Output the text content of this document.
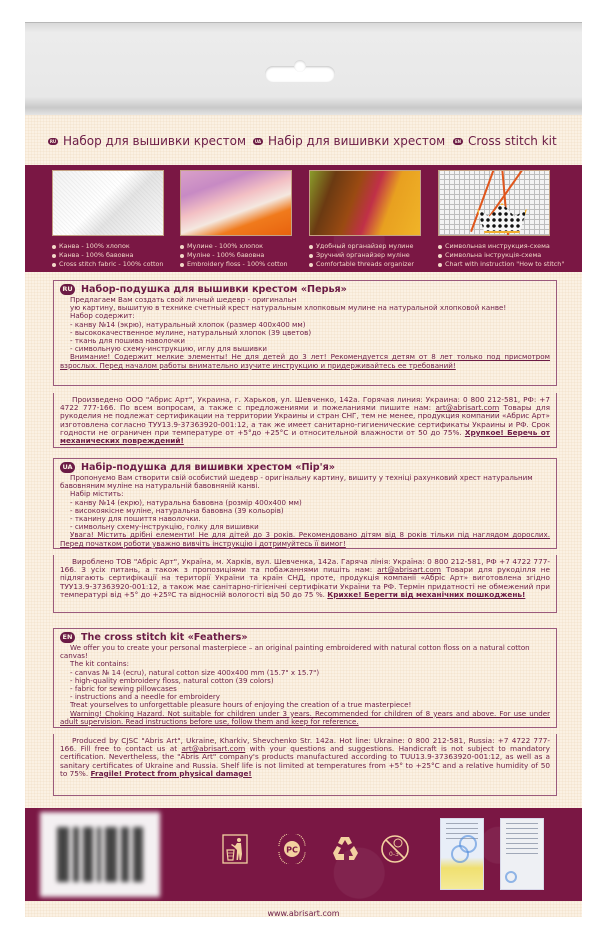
RU Набор для вышивки крестом	UA Набір для вишивки хрестом	EN Cross stitch kit
Канва - 100% хлопок
Канва - 100% бавовна
Cross stitch fabric - 100% cotton
Мулине - 100% хлопок
Муліне - 100% бавовна
Embroidery floss - 100% cotton
Удобный органайзер мулине
Зручний органайзер муліне
Comfortable threads organizer
Символьная инструкция-схема
Символьна інструкція-схема
Chart with instruction "How to stitch"
RU Набор-подушка для вышивки крестом «Перья»
Предлагаем Вам создать свой личный шедевр - оригинальн
ую картину, вышитую в технике счетный крест натуральным хлопковым мулине на натуральной хлопковой канве!
Набор содержит:
- канву №14 (экрю), натуральный хлопок (размер 400х400 мм)
- высококачественное мулине, натуральный хлопок (39 цветов)
- ткань для пошива наволочки
- символьную схему-инструкцию, иглу для вышивки
Внимание! Содержит мелкие элементы! Не для детей до 3 лет! Рекомендуется детям от 8 лет только под присмотром взрослых. Перед началом работы внимательно изучите инструкцию и придерживайтесь ее требований!

Произведено ООО "Абрис Арт", Украина, г. Харьков, ул. Шевченко, 142а. Горячая линия: Украина: 0 800 212-581, РФ: +7 4722 777-166. По всем вопросам, а также с предложениями и пожеланиями пишите нам: art@abrisart.com Товары для рукоделия не подлежат сертификации на территории Украины и стран СНГ, тем не менее, продукция компании «Абрис Арт» изготовлена согласно ТУУ13.9-37363920-001:12, а так же имеет санитарно-гигиенические сертификаты Украины и РФ. Срок годности не ограничен при температуре от +5°до +25°С и относительной влажности от 50 до 75%. Хрупкое! Беречь от механических повреждений!

UA Набір-подушка для вишивки хрестом «Пір'я»
Пропонуємо Вам створити свій особистий шедевр - оригінальну картину, вишиту у техніці рахунковий хрест натуральним бавовняним муліне на натуральній бавовняній канві.
Набір містить:
- канву №14 (екрю), натуральна бавовна (розмір 400х400 мм)
- високоякісне муліне, натуральна бавовна (39 кольорів)
- тканину для пошиття наволочки.
- символьну схему-інструкцію, голку для вишивки
Увага! Містить дрібні елементи! Не для дітей до 3 років. Рекомендовано дітям від 8 років тільки під наглядом дорослих. Перед початком роботи уважно вивчіть інструкцію і дотримуйтесь її вимог!

Вироблено ТОВ "Абріс Арт", Україна, м. Харків, вул. Шевченка, 142а. Гаряча лінія: Україна: 0 800 212-581, РФ +7 4722 777-166. З усіх питань, а також з пропозиціями та побажаннями пишіть нам: art@abrisart.com Товари для рукоділля не підлягають сертифікації на території України та країн СНД, проте, продукція компанії «Абріс Арт» виготовлена згідно ТУУ13.9-37363920-001:12, а також має санітарно-гігієнічні сертифікати України та РФ. Термін придатності не обмежений при температурі від +5° до +25ºС та відносній вологості від 50 до 75 %. Крихке! Берегти від механічних пошкоджень!

EN The cross stitch kit «Feathers»
We offer you to create your personal masterpiece – an original painting embroidered with natural cotton floss on a natural cotton canvas!
The kit contains:
- canvas № 14 (ecru), natural cotton size 400x400 mm (15.7" x 15.7")
- high-quality embroidery floss, natural cotton (39 colors)
- fabric for sewing pillowcases
- instructions and a needle for embroidery
Treat yourselves to unforgettable pleasure hours of enjoying the creation of a true masterpiece!
Warning! Choking Hazard. Not suitable for children under 3 years. Recommended for children of 8 years and above. For use under adult supervision. Read instructions before use, follow them and keep for reference.

Produced by CJSC "Abris Art", Ukraine, Kharkiv, Shevchenko Str. 142a. Hot line: Ukraine: 0 800 212-581, Russia: +7 4722 777-166. Fill free to contact us at art@abrisart.com with your questions and suggestions. Handicraft is not subject to mandatory certification. Nevertheless, the "Abris Art" company's products manufactured according to TUU13.9-37363920-001:12, as well as a sanitary certificates of Ukraine and Russia. Shelf life is not limited at temperatures from +5° to +25°C and a relative humidity of 50 to 75%. Fragile! Protect from physical damage!

PC	0-3
www.abrisart.com
